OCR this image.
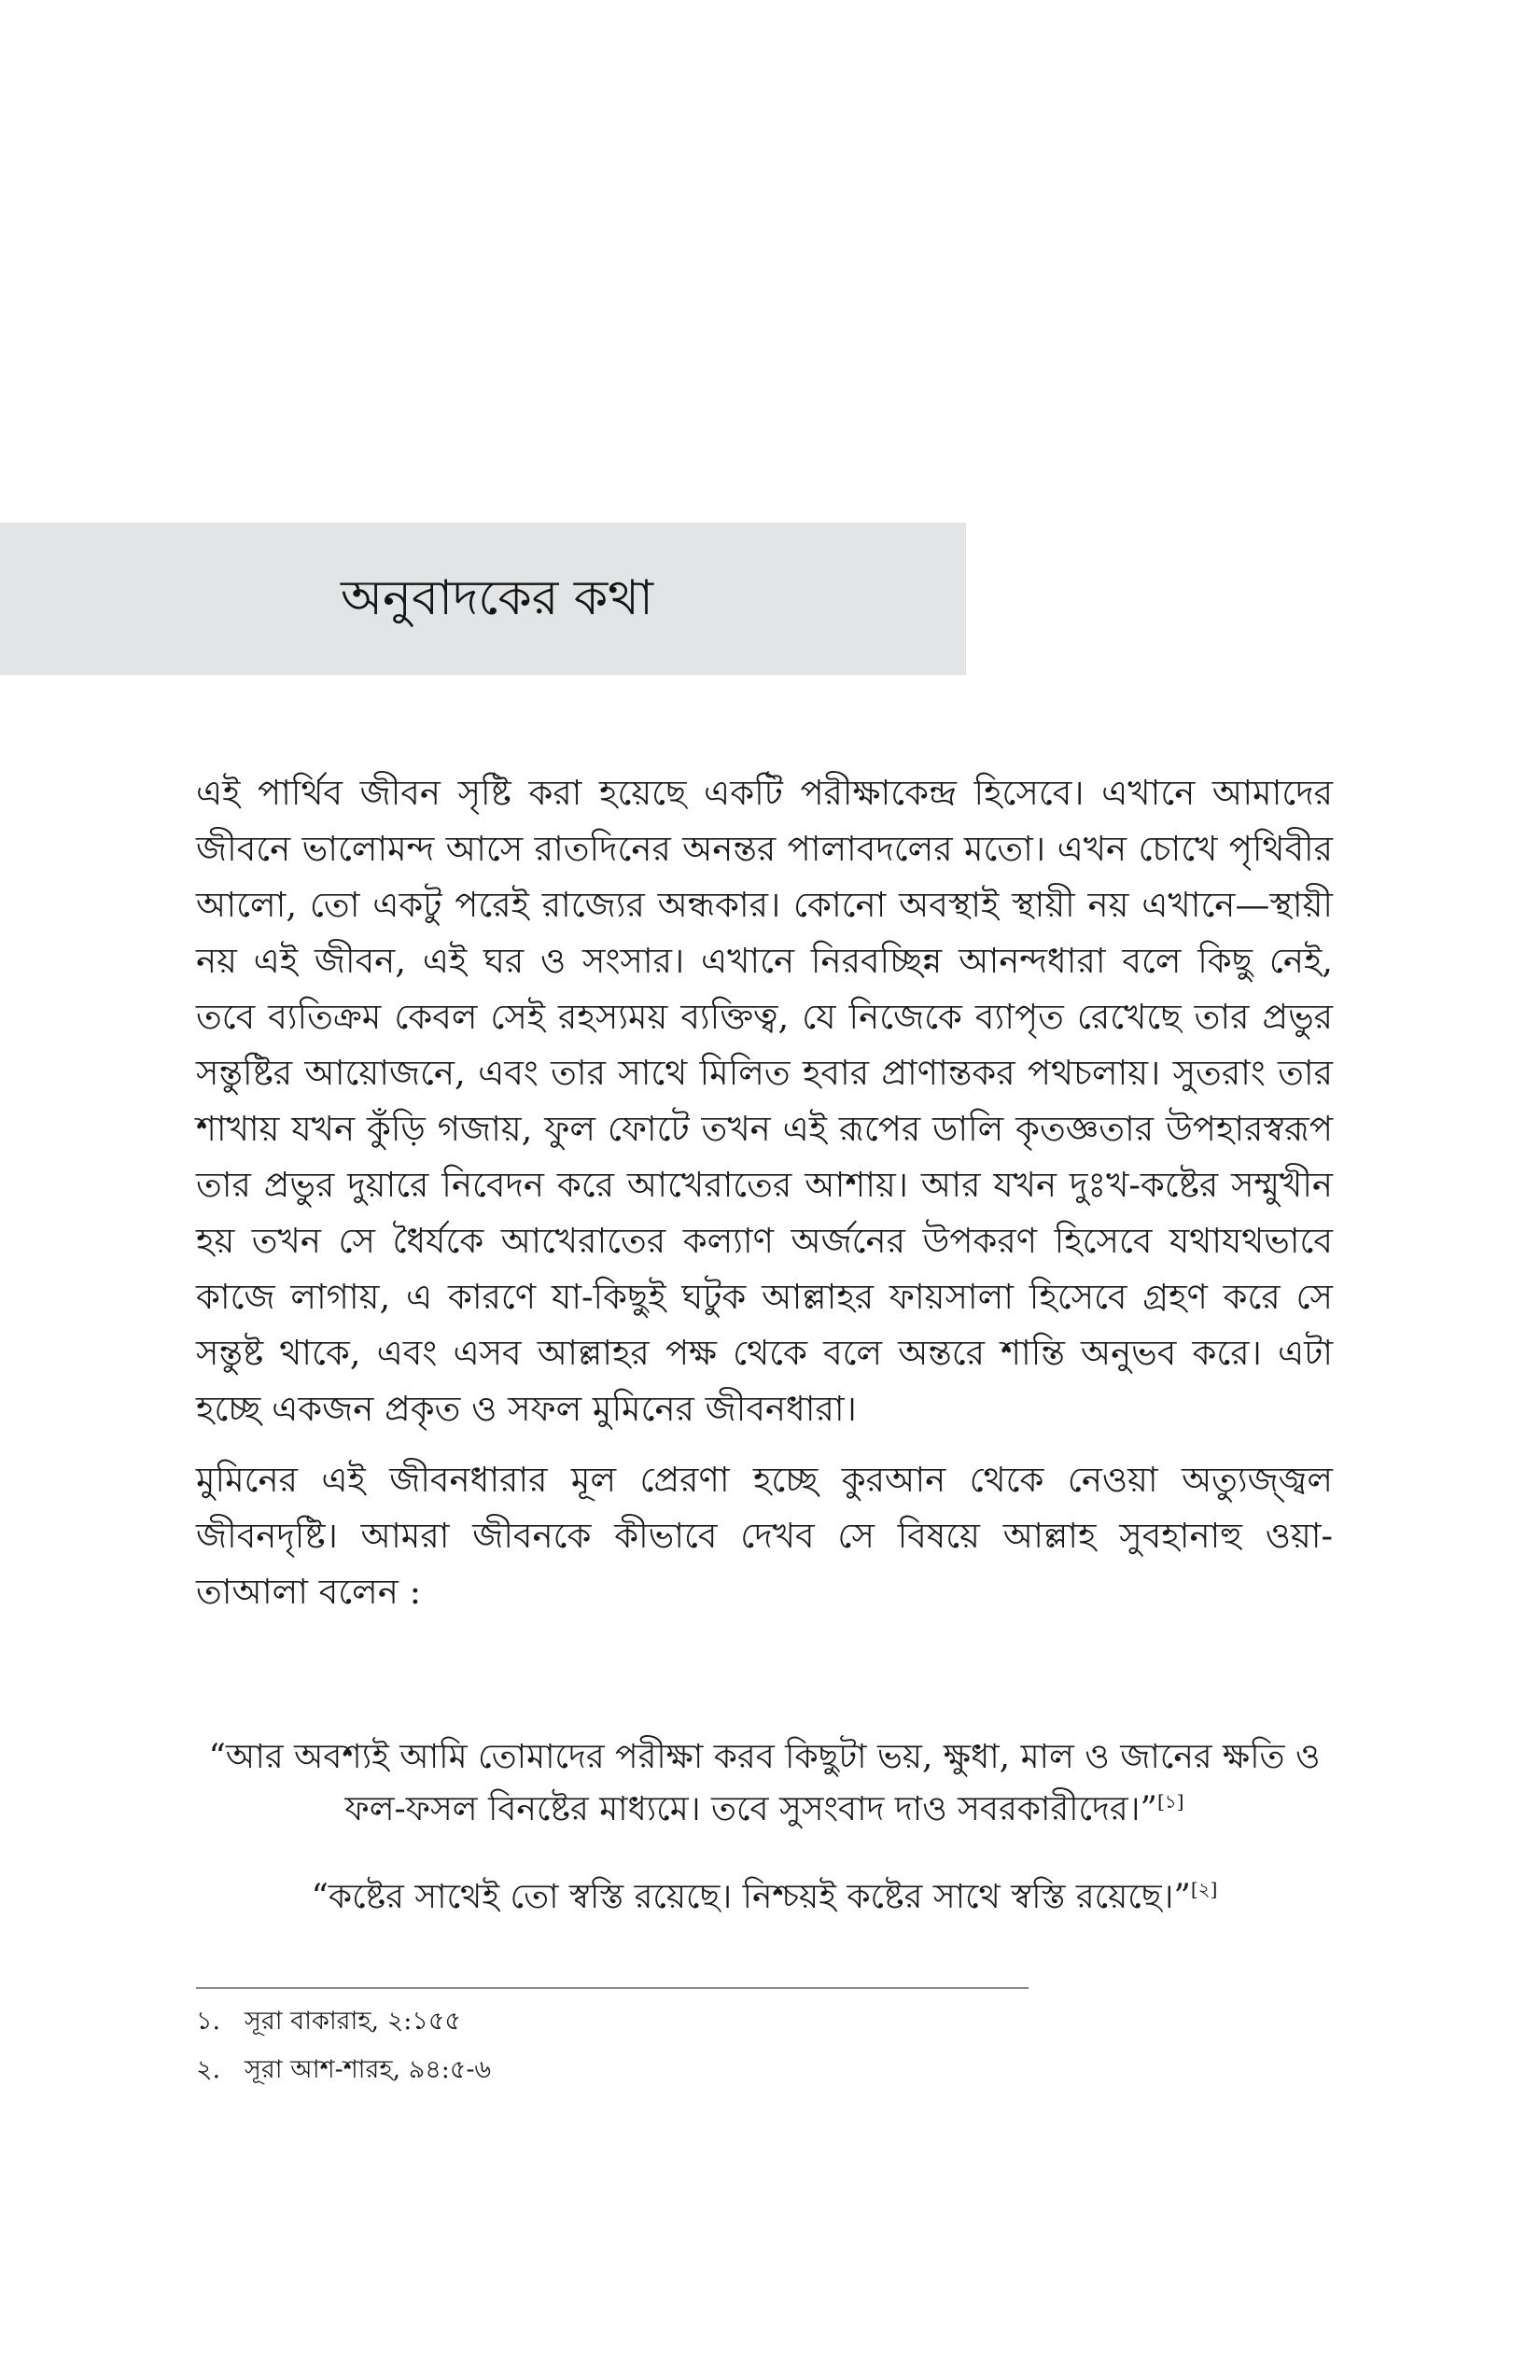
অনুবাদকের কথা

এই পার্থিব জীবন সৃষ্টি করা হয়েছে একটি পরীক্ষাকেন্দ্র হিসেবে। এখানে আমাদের জীবনে ভালোমন্দ আসে রাতদিনের অনন্তর পালাবদলের মতো। এখন চোখে পৃথিবীর আলো, তো একটু পরেই রাজ্যের অন্ধকার। কোনো অবস্থাই স্থায়ী নয় এখানে—স্থায়ী নয় এই জীবন, এই ঘর ও সংসার। এখানে নিরবচ্ছিন্ন আনন্দধারা বলে কিছু নেই, তবে ব্যতিক্রম কেবল সেই রহস্যময় ব্যক্তিত্ব, যে নিজেকে ব্যাপৃত রেখেছে তার প্রভুর সন্তুষ্টির আয়োজনে, এবং তার সাথে মিলিত হবার প্রাণান্তকর পথচলায়। সুতরাং তার শাখায় যখন কুঁড়ি গজায়, ফুল ফোটে তখন এই রূপের ডালি কৃতজ্ঞতার উপহারস্বরূপ তার প্রভুর দুয়ারে নিবেদন করে আখেরাতের আশায়। আর যখন দুঃখ-কষ্টের সম্মুখীন হয় তখন সে ধৈর্যকে আখেরাতের কল্যাণ অর্জনের উপকরণ হিসেবে যথাযথভাবে কাজে লাগায়, এ কারণে যা-কিছুই ঘটুক আল্লাহর ফায়সালা হিসেবে গ্রহণ করে সে সন্তুষ্ট থাকে, এবং এসব আল্লাহর পক্ষ থেকে বলে অন্তরে শান্তি অনুভব করে। এটা হচ্ছে একজন প্রকৃত ও সফল মুমিনের জীবনধারা।

মুমিনের এই জীবনধারার মূল প্রেরণা হচ্ছে কুরআন থেকে নেওয়া অত্যুজ্জ্বল জীবনদৃষ্টি। আমরা জীবনকে কীভাবে দেখব সে বিষয়ে আল্লাহ সুবহানাহু ওয়া-তাআলা বলেন :

“আর অবশ্যই আমি তোমাদের পরীক্ষা করব কিছুটা ভয়, ক্ষুধা, মাল ও জানের ক্ষতি ও ফল-ফসল বিনষ্টের মাধ্যমে। তবে সুসংবাদ দাও সবরকারীদের।”[১]

“কষ্টের সাথেই তো স্বস্তি রয়েছে। নিশ্চয়ই কষ্টের সাথে স্বস্তি রয়েছে।”[২]

১. সূরা বাকারাহ, ২:১৫৫
২. সূরা আশ-শারহ, ৯৪:৫-৬
